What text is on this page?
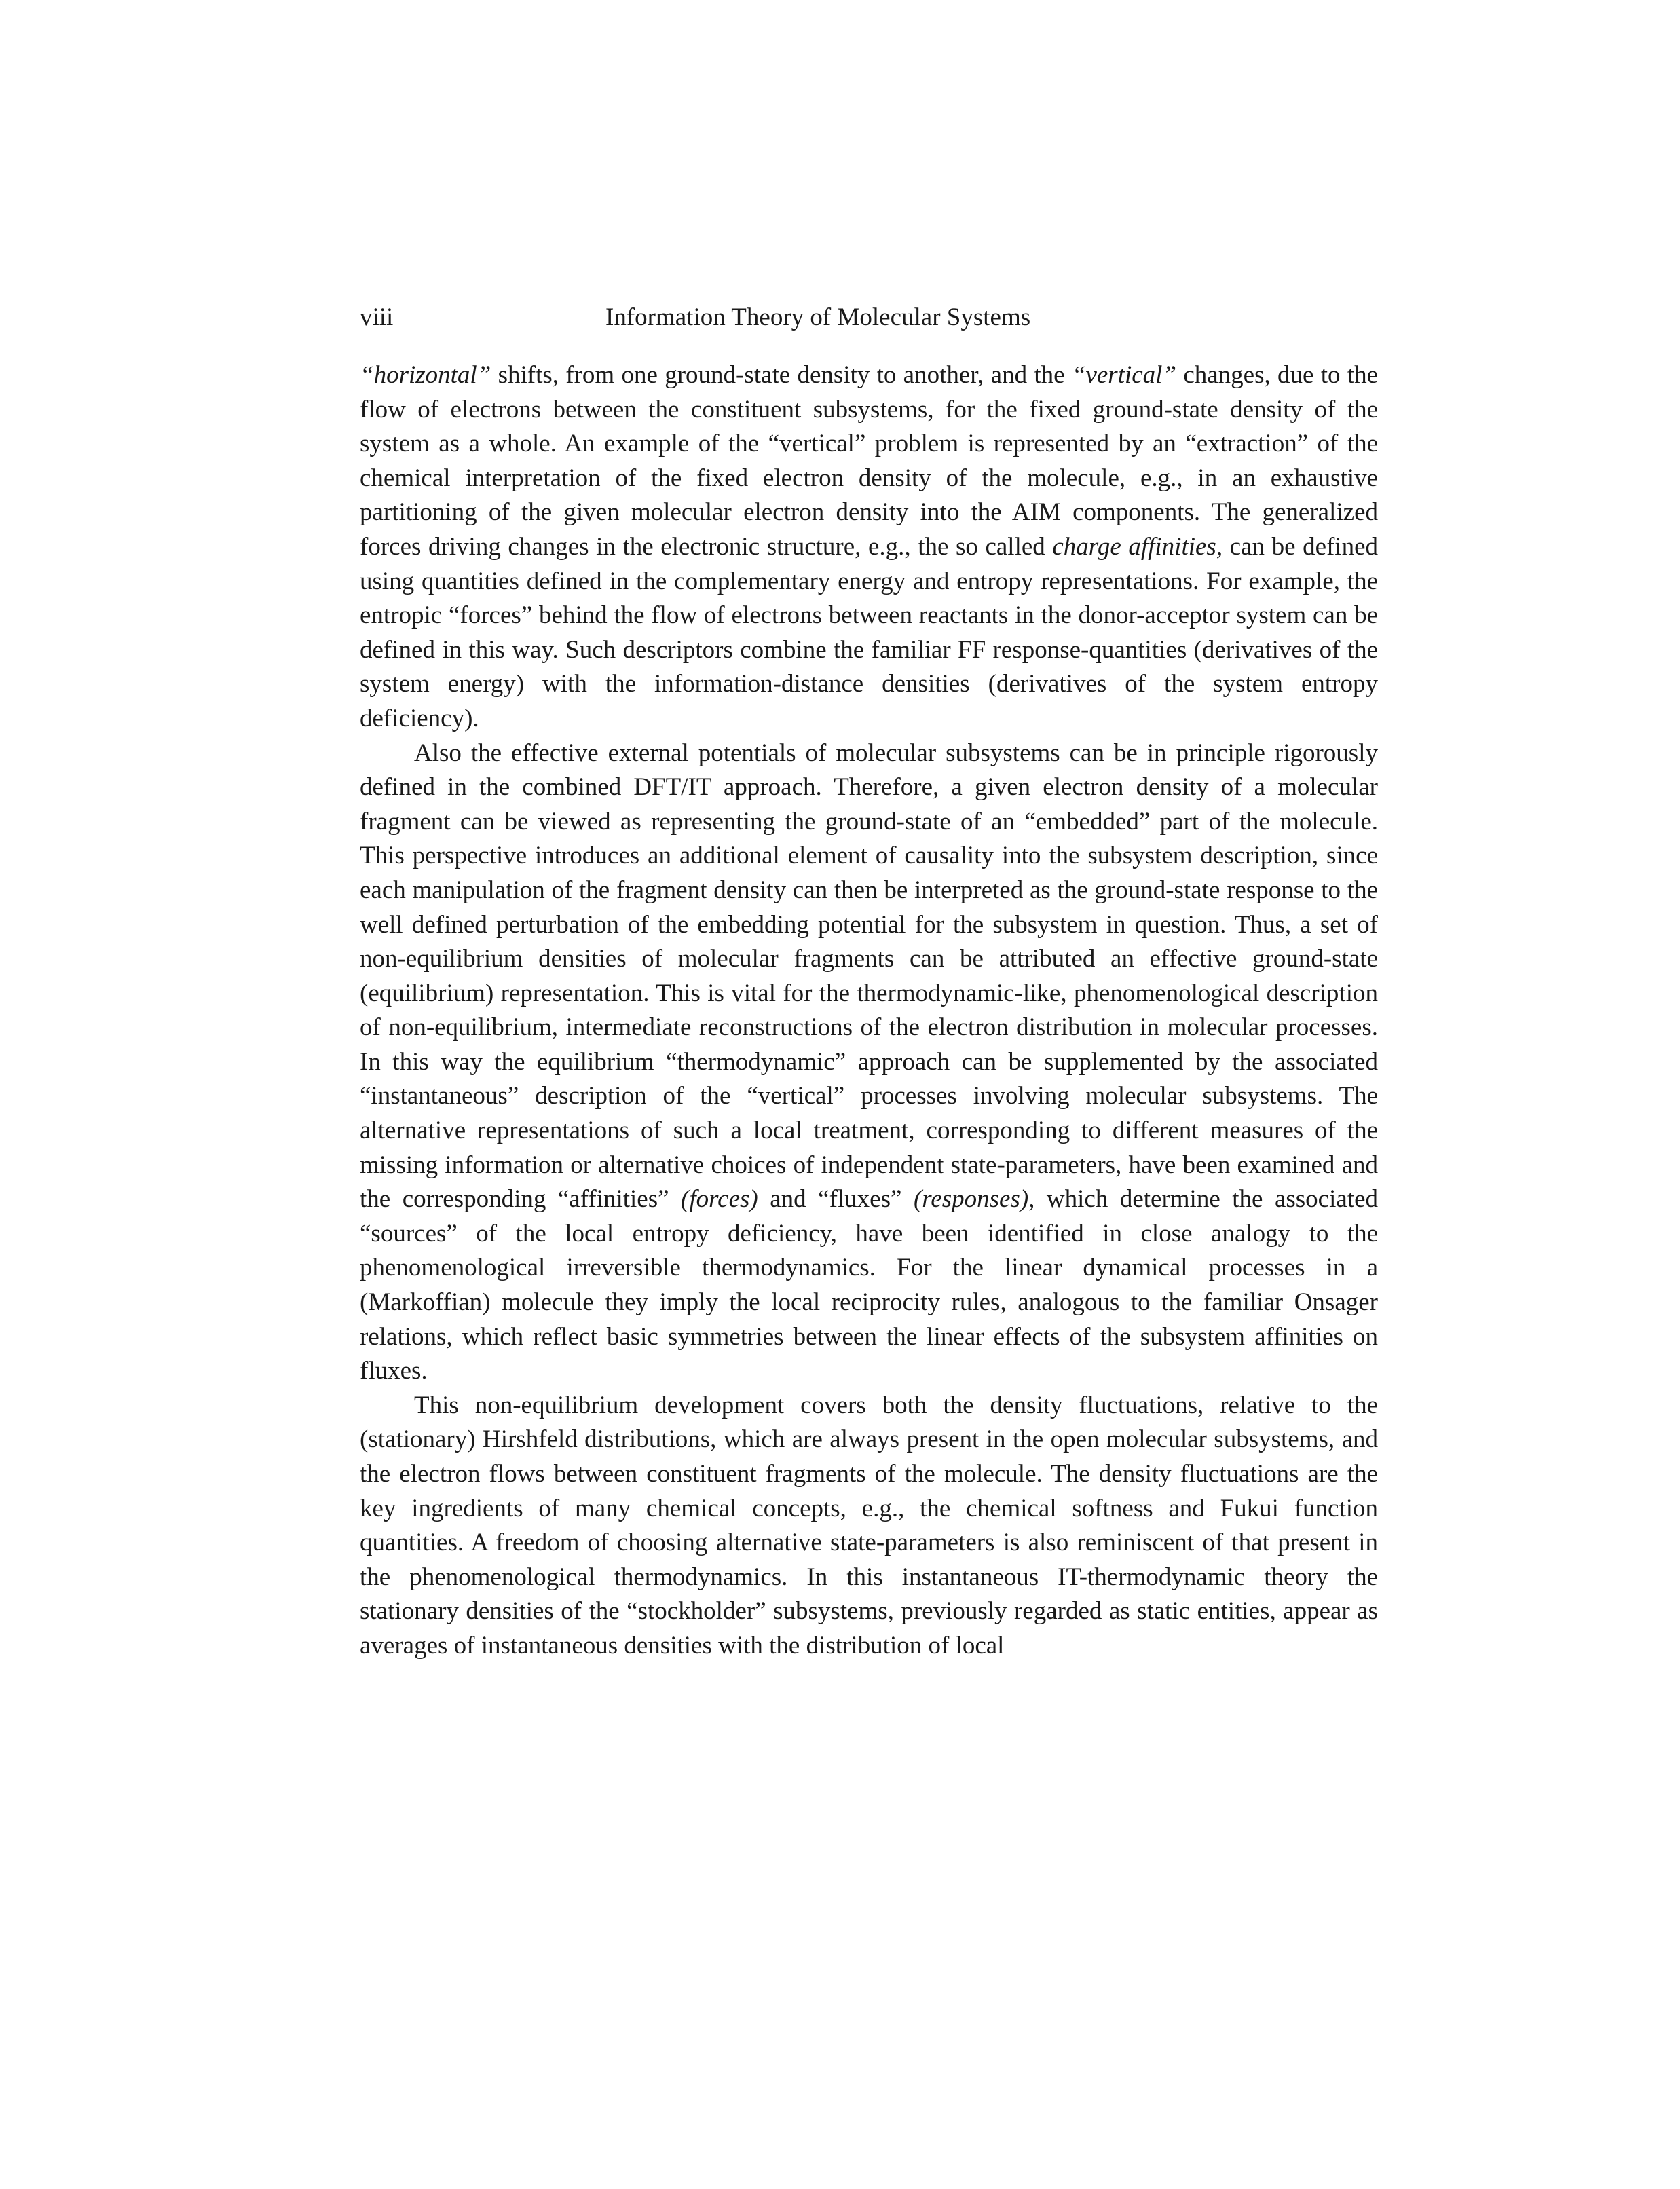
viii	Information Theory of Molecular Systems

“horizontal” shifts, from one ground-state density to another, and the “vertical” changes, due to the flow of electrons between the constituent subsystems, for the fixed ground-state density of the system as a whole. An example of the “vertical” problem is represented by an “extraction” of the chemical interpretation of the fixed electron density of the molecule, e.g., in an exhaustive partitioning of the given molecular electron density into the AIM components. The generalized forces driving changes in the electronic structure, e.g., the so called charge affinities, can be defined using quantities defined in the complementary energy and entropy representations. For example, the entropic “forces” behind the flow of electrons between reactants in the donor-acceptor system can be defined in this way. Such descriptors combine the familiar FF response-quantities (derivatives of the system energy) with the information-distance densities (derivatives of the system entropy deficiency).

Also the effective external potentials of molecular subsystems can be in principle rigorously defined in the combined DFT/IT approach. Therefore, a given electron density of a molecular fragment can be viewed as representing the ground-state of an “embedded” part of the molecule. This perspective introduces an additional element of causality into the subsystem description, since each manipulation of the fragment density can then be interpreted as the ground-state response to the well defined perturbation of the embedding potential for the subsystem in question. Thus, a set of non-equilibrium densities of molecular fragments can be attributed an effective ground-state (equilibrium) representation. This is vital for the thermodynamic-like, phenomenological description of non-equilibrium, intermediate reconstructions of the electron distribution in molecular processes. In this way the equilibrium “thermodynamic” approach can be supplemented by the associated “instantaneous” description of the “vertical” processes involving molecular subsystems. The alternative representations of such a local treatment, corresponding to different measures of the missing information or alternative choices of independent state-parameters, have been examined and the corresponding “affinities” (forces) and “fluxes” (responses), which determine the associated “sources” of the local entropy deficiency, have been identified in close analogy to the phenomenological irreversible thermodynamics. For the linear dynamical processes in a (Markoffian) molecule they imply the local reciprocity rules, analogous to the familiar Onsager relations, which reflect basic symmetries between the linear effects of the subsystem affinities on fluxes.

This non-equilibrium development covers both the density fluctuations, relative to the (stationary) Hirshfeld distributions, which are always present in the open molecular subsystems, and the electron flows between constituent fragments of the molecule. The density fluctuations are the key ingredients of many chemical concepts, e.g., the chemical softness and Fukui function quantities. A freedom of choosing alternative state-parameters is also reminiscent of that present in the phenomenological thermodynamics. In this instantaneous IT-thermodynamic theory the stationary densities of the “stockholder” subsystems, previously regarded as static entities, appear as averages of instantaneous densities with the distribution of local
